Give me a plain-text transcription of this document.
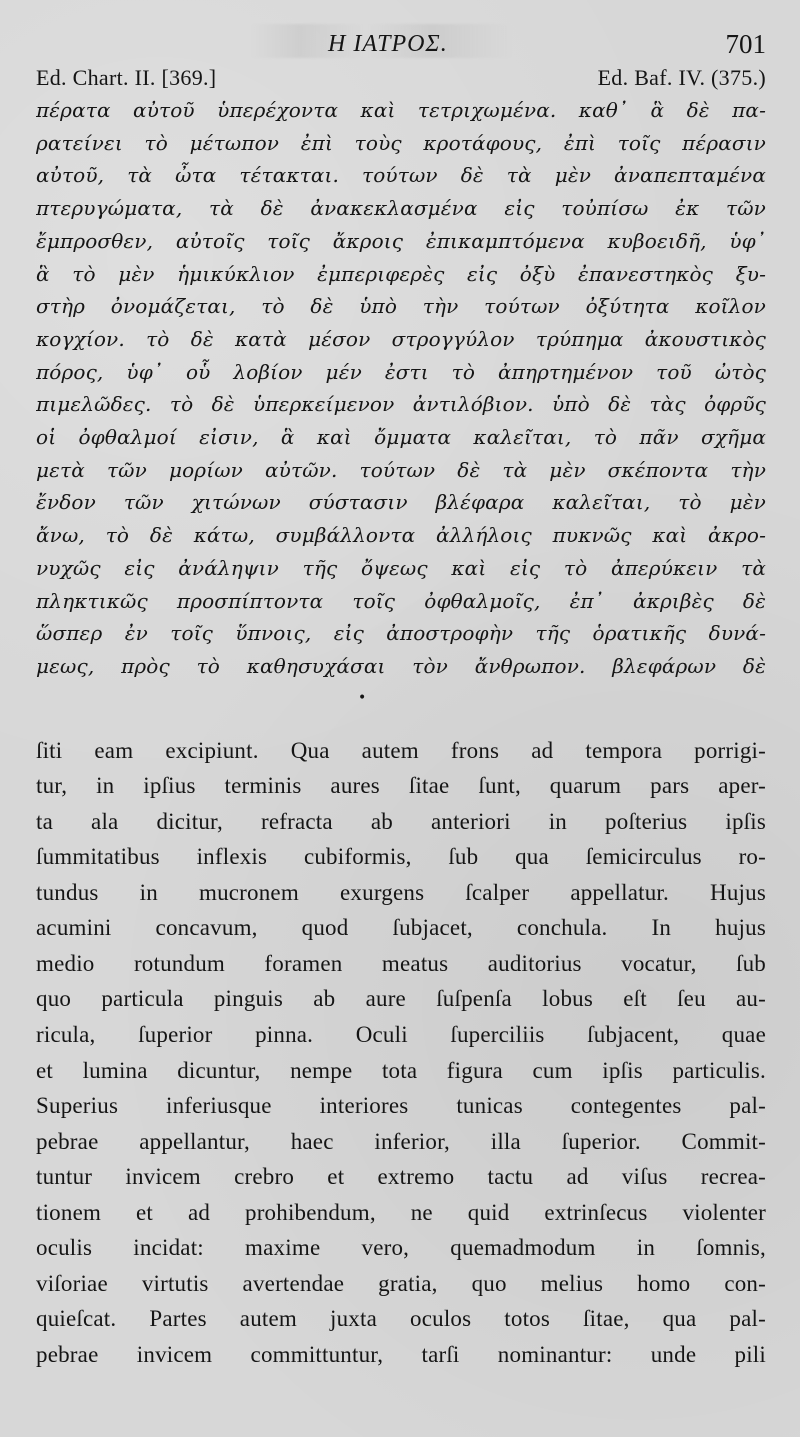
Η ΙΑΤΡΟΣ.	701
Ed. Chart. II. [369.]	Ed. Baf. IV. (375.)
πέρατα αὐτοῦ ὑπερέχοντα καὶ τετριχωμένα. καθ᾽ ἃ δὲ πα-
ρατείνει τὸ μέτωπον ἐπὶ τοὺς κροτάφους, ἐπὶ τοῖς πέρασιν
αὐτοῦ, τὰ ὦτα τέτακται. τούτων δὲ τὰ μὲν ἀναπεπταμένα
πτερυγώματα, τὰ δὲ ἀνακεκλασμένα εἰς τοὐπίσω ἐκ τῶν
ἔμπροσθεν, αὐτοῖς τοῖς ἄκροις ἐπικαμπτόμενα κυβοειδῆ, ὑφ᾽
ἃ τὸ μὲν ἡμικύκλιον ἐμπεριφερὲς εἰς ὀξὺ ἐπανεστηκὸς ξυ-
στὴρ ὀνομάζεται, τὸ δὲ ὑπὸ τὴν τούτων ὀξύτητα κοῖλον
κογχίον. τὸ δὲ κατὰ μέσον στρογγύλον τρύπημα ἀκουστικὸς
πόρος, ὑφ᾽ οὗ λοβίον μέν ἐστι τὸ ἀπηρτημένον τοῦ ὠτὸς
πιμελῶδες. τὸ δὲ ὑπερκείμενον ἀντιλόβιον. ὑπὸ δὲ τὰς ὀφρῦς
οἱ ὀφθαλμοί εἰσιν, ἃ καὶ ὄμματα καλεῖται, τὸ πᾶν σχῆμα
μετὰ τῶν μορίων αὐτῶν. τούτων δὲ τὰ μὲν σκέποντα τὴν
ἔνδον τῶν χιτώνων σύστασιν βλέφαρα καλεῖται, τὸ μὲν
ἄνω, τὸ δὲ κάτω, συμβάλλοντα ἀλλήλοις πυκνῶς καὶ ἀκρο-
νυχῶς εἰς ἀνάληψιν τῆς ὄψεως καὶ εἰς τὸ ἀπερύκειν τὰ
πληκτικῶς προσπίπτοντα τοῖς ὀφθαλμοῖς, ἐπ᾽ ἀκριβὲς δὲ
ὥσπερ ἐν τοῖς ὕπνοις, εἰς ἀποστροφὴν τῆς ὁρατικῆς δυνά-
μεως, πρὸς τὸ καθησυχάσαι τὸν ἄνθρωπον. βλεφάρων δὲ
•
ſiti eam excipiunt. Qua autem frons ad tempora porrigi-
tur, in ipſius terminis aures ſitae ſunt, quarum pars aper-
ta ala dicitur, refracta ab anteriori in poſterius ipſis
ſummitatibus inflexis cubiformis, ſub qua ſemicirculus ro-
tundus in mucronem exurgens ſcalper appellatur. Hujus
acumini concavum, quod ſubjacet, conchula. In hujus
medio rotundum foramen meatus auditorius vocatur, ſub
quo particula pinguis ab aure ſuſpenſa lobus eſt ſeu au-
ricula, ſuperior pinna. Oculi ſuperciliis ſubjacent, quae
et lumina dicuntur, nempe tota figura cum ipſis particulis.
Superius inferiusque interiores tunicas contegentes pal-
pebrae appellantur, haec inferior, illa ſuperior. Commit-
tuntur invicem crebro et extremo tactu ad viſus recrea-
tionem et ad prohibendum, ne quid extrinſecus violenter
oculis incidat: maxime vero, quemadmodum in ſomnis,
viſoriae virtutis avertendae gratia, quo melius homo con-
quieſcat. Partes autem juxta oculos totos ſitae, qua pal-
pebrae invicem committuntur, tarſi nominantur: unde pili
